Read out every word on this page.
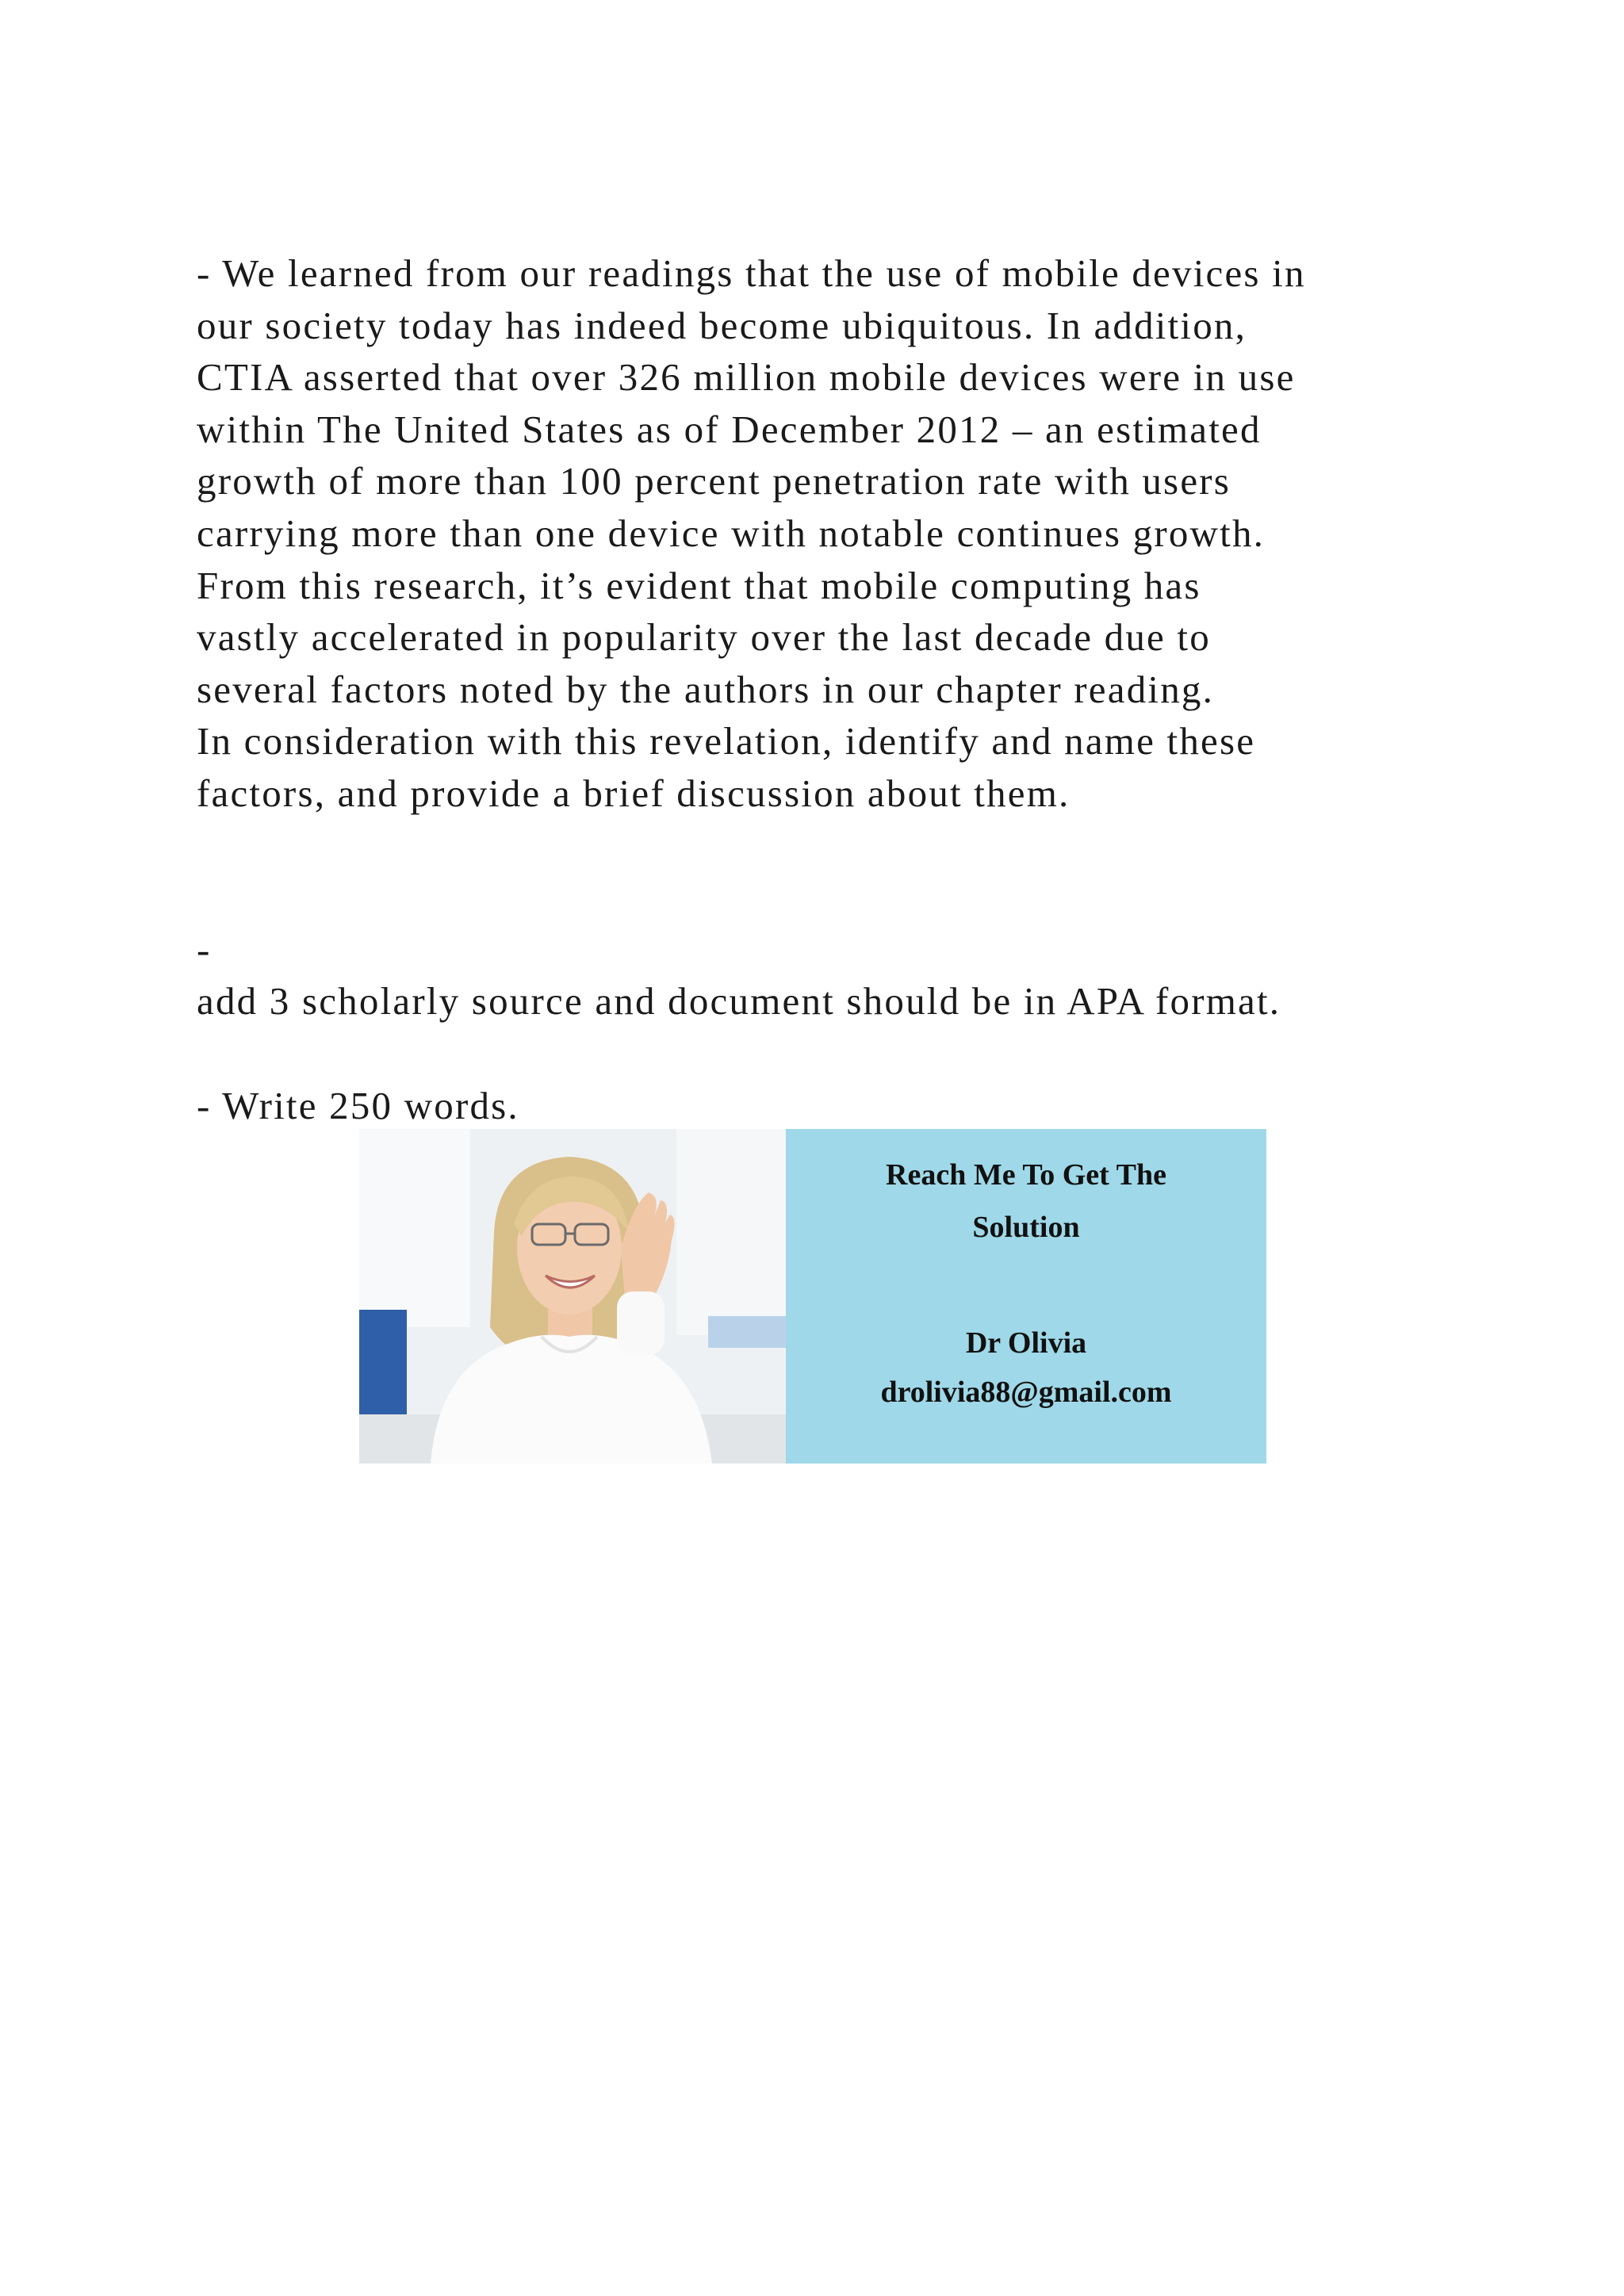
- We learned from our readings that the use of mobile devices in
our society today has indeed become ubiquitous. In addition,
CTIA asserted that over 326 million mobile devices were in use
within The United States as of December 2012 – an estimated
growth of more than 100 percent penetration rate with users
carrying more than one device with notable continues growth.
From this research, it’s evident that mobile computing has
vastly accelerated in popularity over the last decade due to
several factors noted by the authors in our chapter reading.
In consideration with this revelation, identify and name these
factors, and provide a brief discussion about them.
-
add 3 scholarly source and document should be in APA format.
- Write 250 words.
Reach Me To Get The
Solution
Dr Olivia
drolivia88@gmail.com
